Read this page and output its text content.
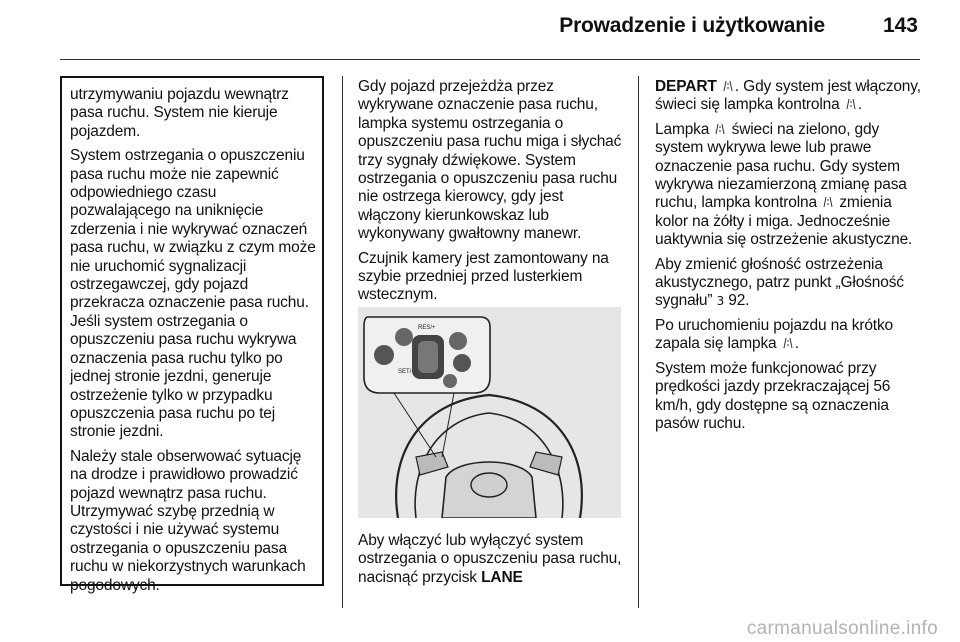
Prowadzenie i użytkowanie	143

utrzymywaniu pojazdu wewnątrz pasa ruchu. System nie kieruje pojazdem.

System ostrzegania o opuszczeniu pasa ruchu może nie zapewnić odpowiedniego czasu pozwalającego na uniknięcie zderzenia i nie wykrywać oznaczeń pasa ruchu, w związku z czym może nie uruchomić sygnalizacji ostrzegawczej, gdy pojazd przekracza oznaczenie pasa ruchu. Jeśli system ostrzegania o opuszczeniu pasa ruchu wykrywa oznaczenia pasa ruchu tylko po jednej stronie jezdni, generuje ostrzeżenie tylko w przypadku opuszczenia pasa ruchu po tej stronie jezdni.

Należy stale obserwować sytuację na drodze i prawidłowo prowadzić pojazd wewnątrz pasa ruchu. Utrzymywać szybę przednią w czystości i nie używać systemu ostrzegania o opuszczeniu pasa ruchu w niekorzystnych warunkach pogodowych.

Gdy pojazd przejeżdża przez wykrywane oznaczenie pasa ruchu, lampka systemu ostrzegania o opuszczeniu pasa ruchu miga i słychać trzy sygnały dźwiękowe. System ostrzegania o opuszczeniu pasa ruchu nie ostrzega kierowcy, gdy jest włączony kierunkowskaz lub wykonywany gwałtowny manewr.

Czujnik kamery jest zamontowany na szybie przedniej przed lusterkiem wstecznym.

RES/+
SET/-

Aby włączyć lub wyłączyć system ostrzegania o opuszczeniu pasa ruchu, nacisnąć przycisk LANE

DEPART . Gdy system jest włączony, świeci się lampka kontrolna .

Lampka świeci na zielono, gdy system wykrywa lewe lub prawe oznaczenie pasa ruchu. Gdy system wykrywa niezamierzoną zmianę pasa ruchu, lampka kontrolna zmienia kolor na żółty i miga. Jednocześnie uaktywnia się ostrzeżenie akustyczne.

Aby zmienić głośność ostrzeżenia akustycznego, patrz punkt „Głośność sygnału” 3 92.

Po uruchomieniu pojazdu na krótko zapala się lampka .

System może funkcjonować przy prędkości jazdy przekraczającej 56 km/h, gdy dostępne są oznaczenia pasów ruchu.

carmanualsonline.info
